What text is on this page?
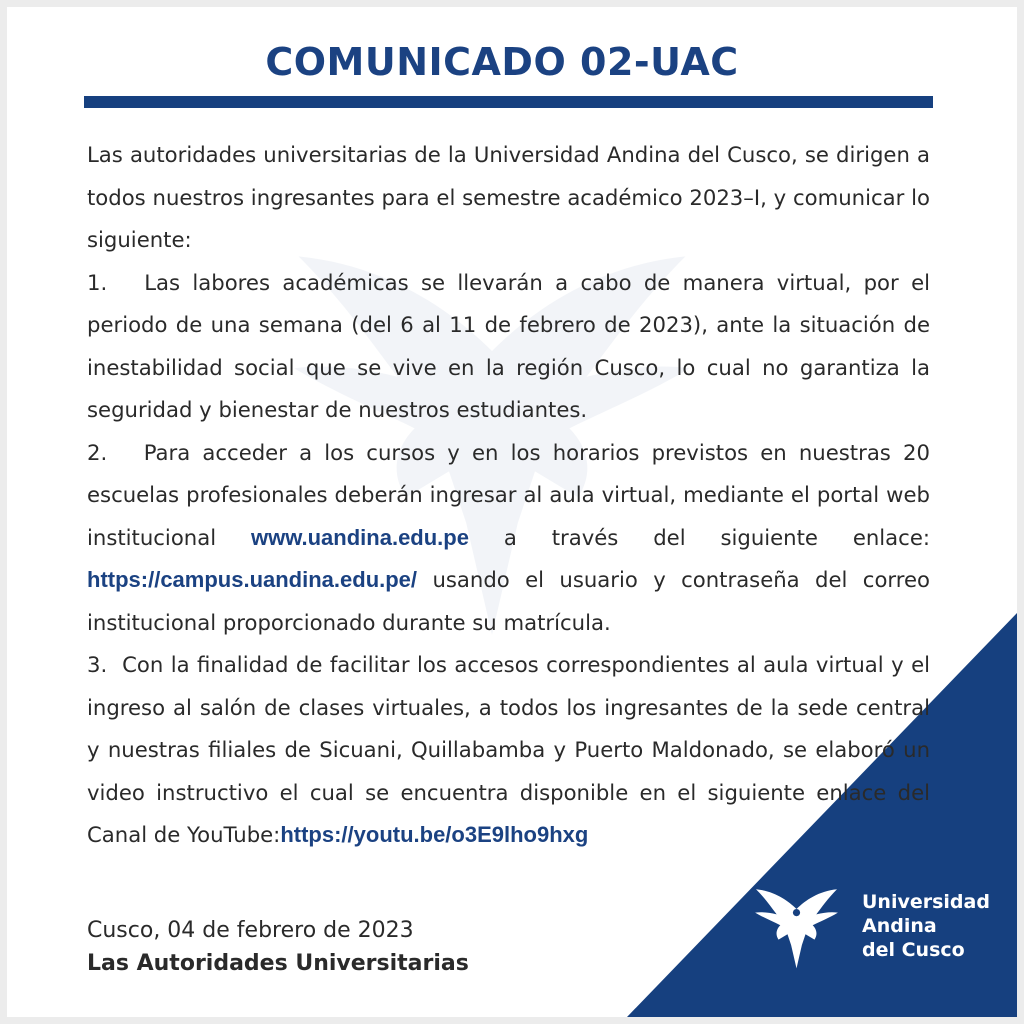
COMUNICADO 02-UAC

Las autoridades universitarias de la Universidad Andina del Cusco, se dirigen a todos nuestros ingresantes para el semestre académico 2023–I, y comunicar lo siguiente:

1. Las labores académicas se llevarán a cabo de manera virtual, por el periodo de una semana (del 6 al 11 de febrero de 2023), ante la situación de inestabilidad social que se vive en la región Cusco, lo cual no garantiza la seguridad y bienestar de nuestros estudiantes.

2. Para acceder a los cursos y en los horarios previstos en nuestras 20 escuelas profesionales deberán ingresar al aula virtual, mediante el portal web institucional www.uandina.edu.pe a través del siguiente enlace: https://campus.uandina.edu.pe/ usando el usuario y contraseña del correo institucional proporcionado durante su matrícula.

3. Con la finalidad de facilitar los accesos correspondientes al aula virtual y el ingreso al salón de clases virtuales, a todos los ingresantes de la sede central y nuestras filiales de Sicuani, Quillabamba y Puerto Maldonado, se elaboró un video instructivo el cual se encuentra disponible en el siguiente enlace del Canal de YouTube:https://youtu.be/o3E9lho9hxg

Cusco, 04 de febrero de 2023
Las Autoridades Universitarias
Universidad
Andina
del Cusco
